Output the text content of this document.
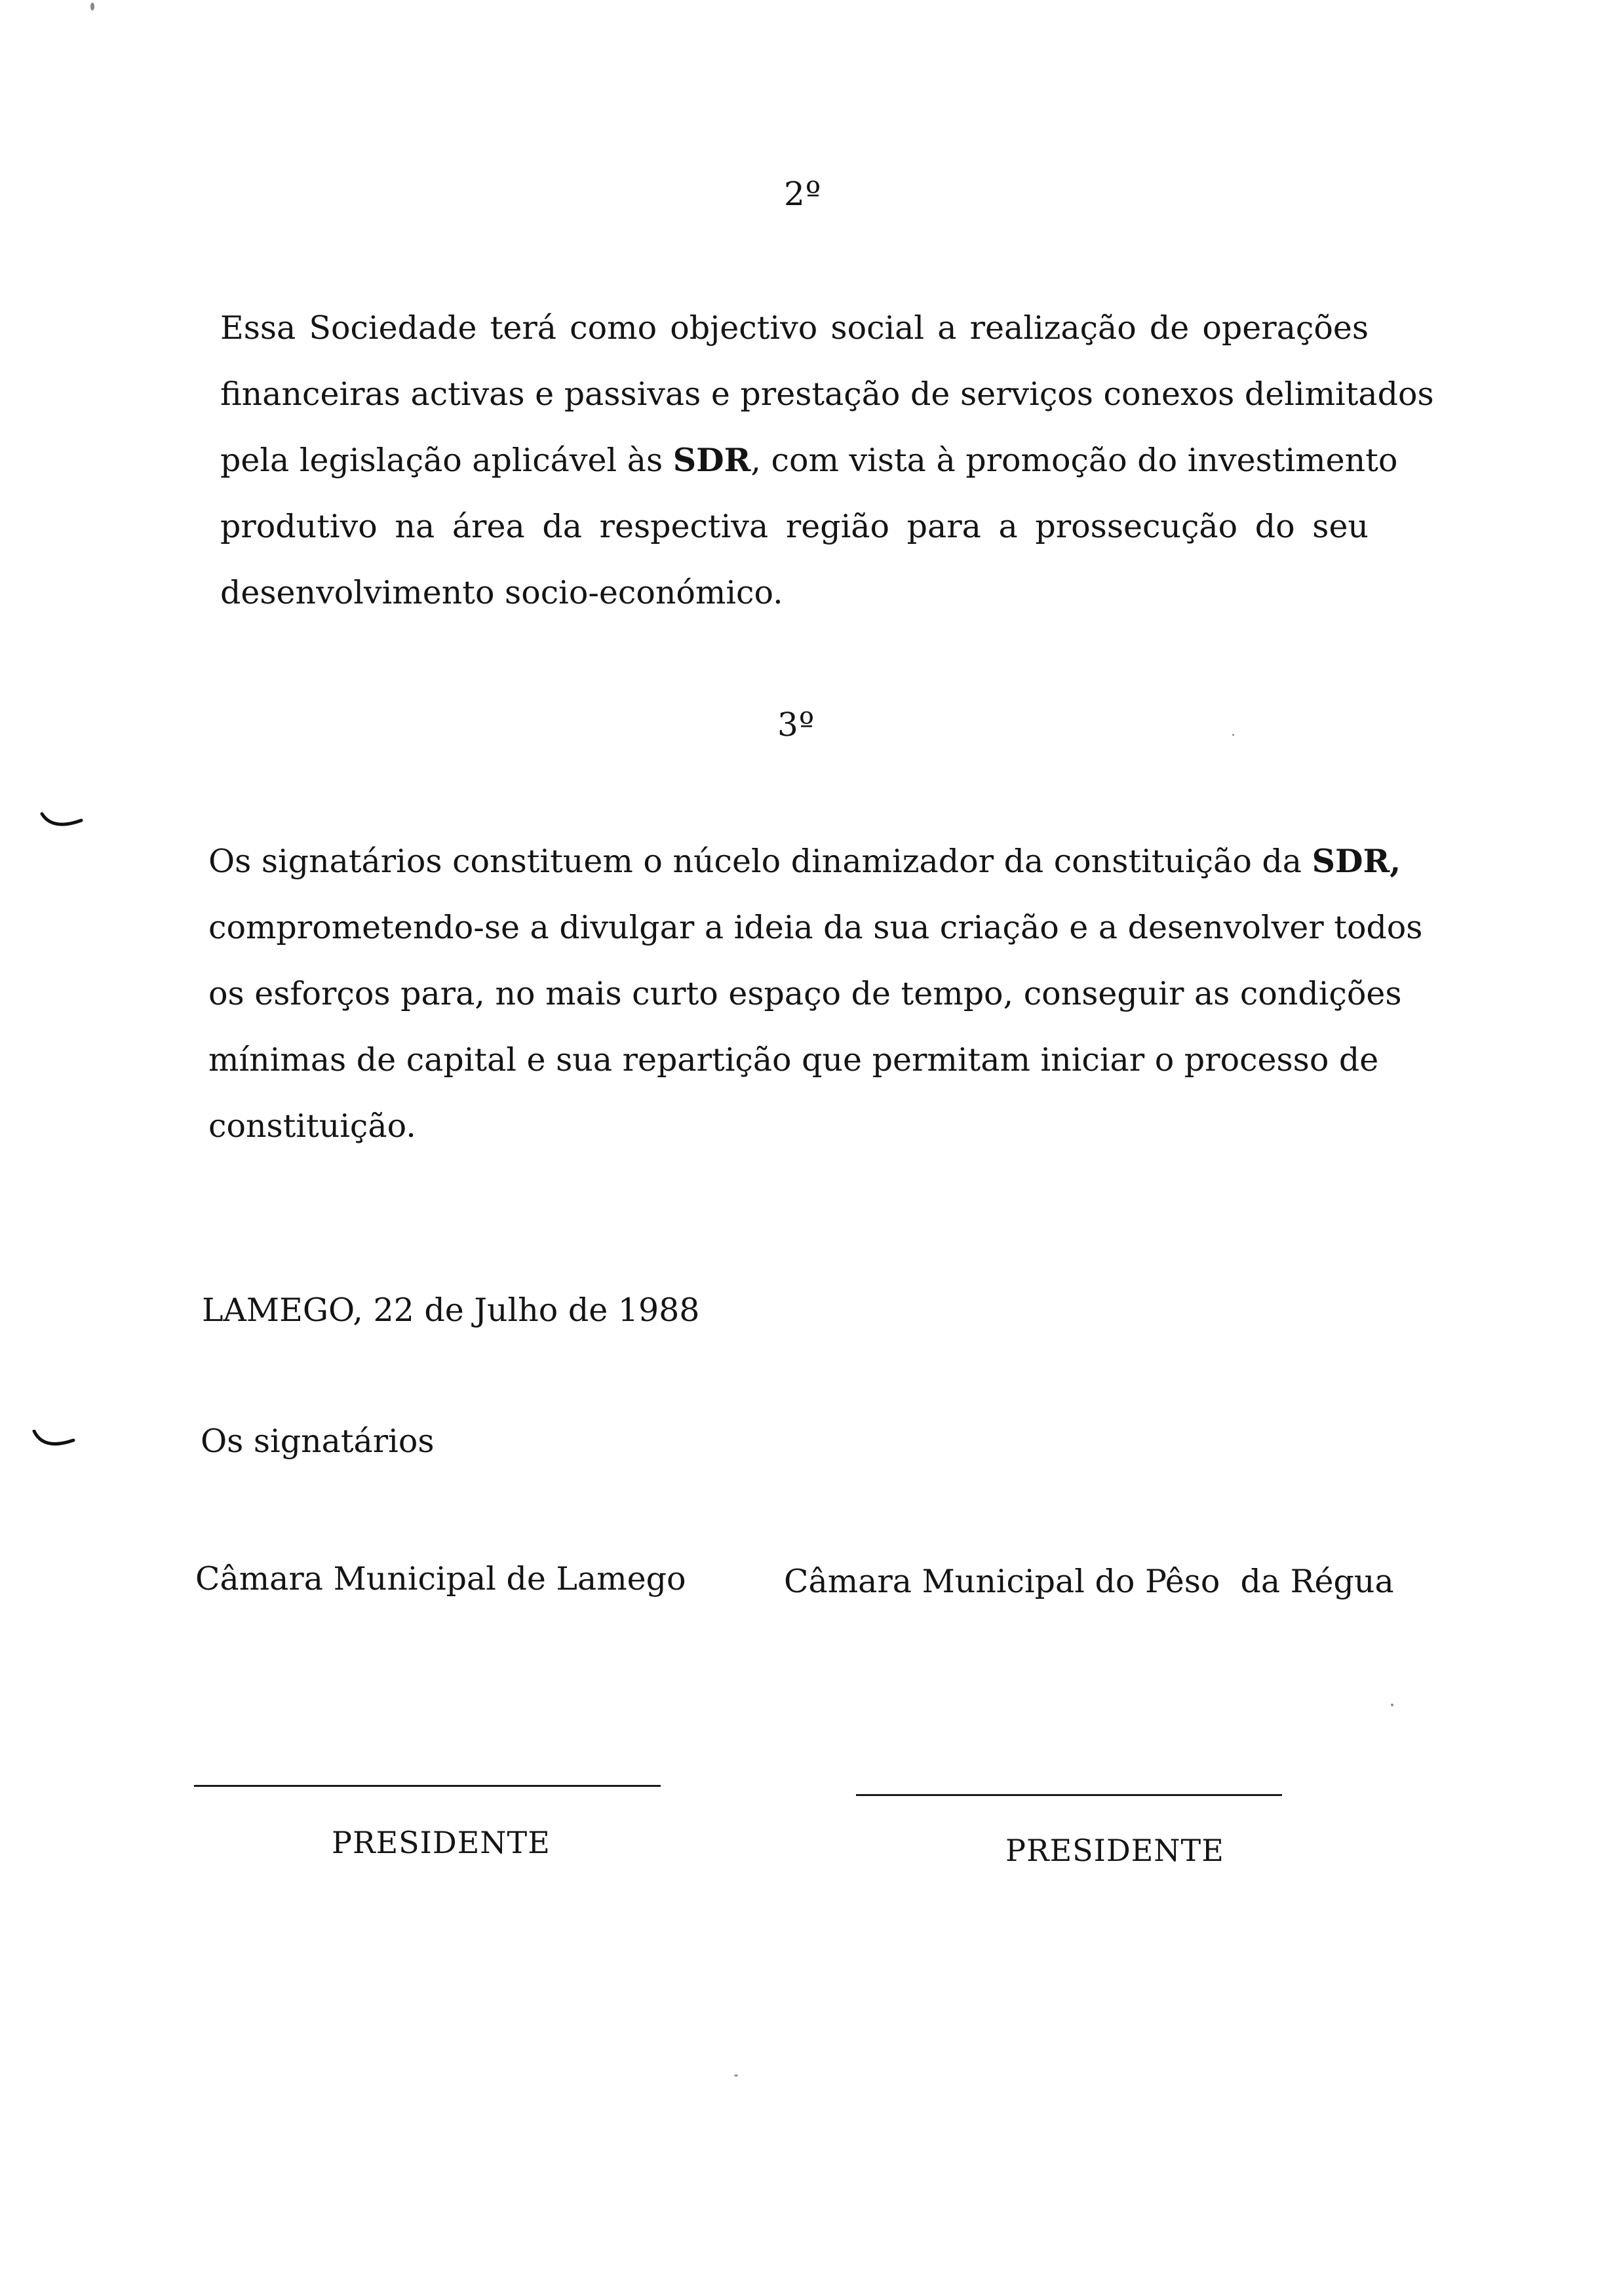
2º
Essa Sociedade terá como objectivo social a realização de operações
financeiras activas e passivas e prestação de serviços conexos delimitados
pela legislação aplicável às SDR, com vista à promoção do investimento
produtivo na área da respectiva região para a prossecução do seu
desenvolvimento socio-económico.
3º
Os signatários constituem o núcelo dinamizador da constituição da SDR,
comprometendo-se a divulgar a ideia da sua criação e a desenvolver todos
os esforços para, no mais curto espaço de tempo, conseguir as condições
mínimas de capital e sua repartição que permitam iniciar o processo de
constituição.
LAMEGO, 22 de Julho de 1988
Os signatários
Câmara Municipal de Lamego	Câmara Municipal do Pêso  da Régua
PRESIDENTE	PRESIDENTE
